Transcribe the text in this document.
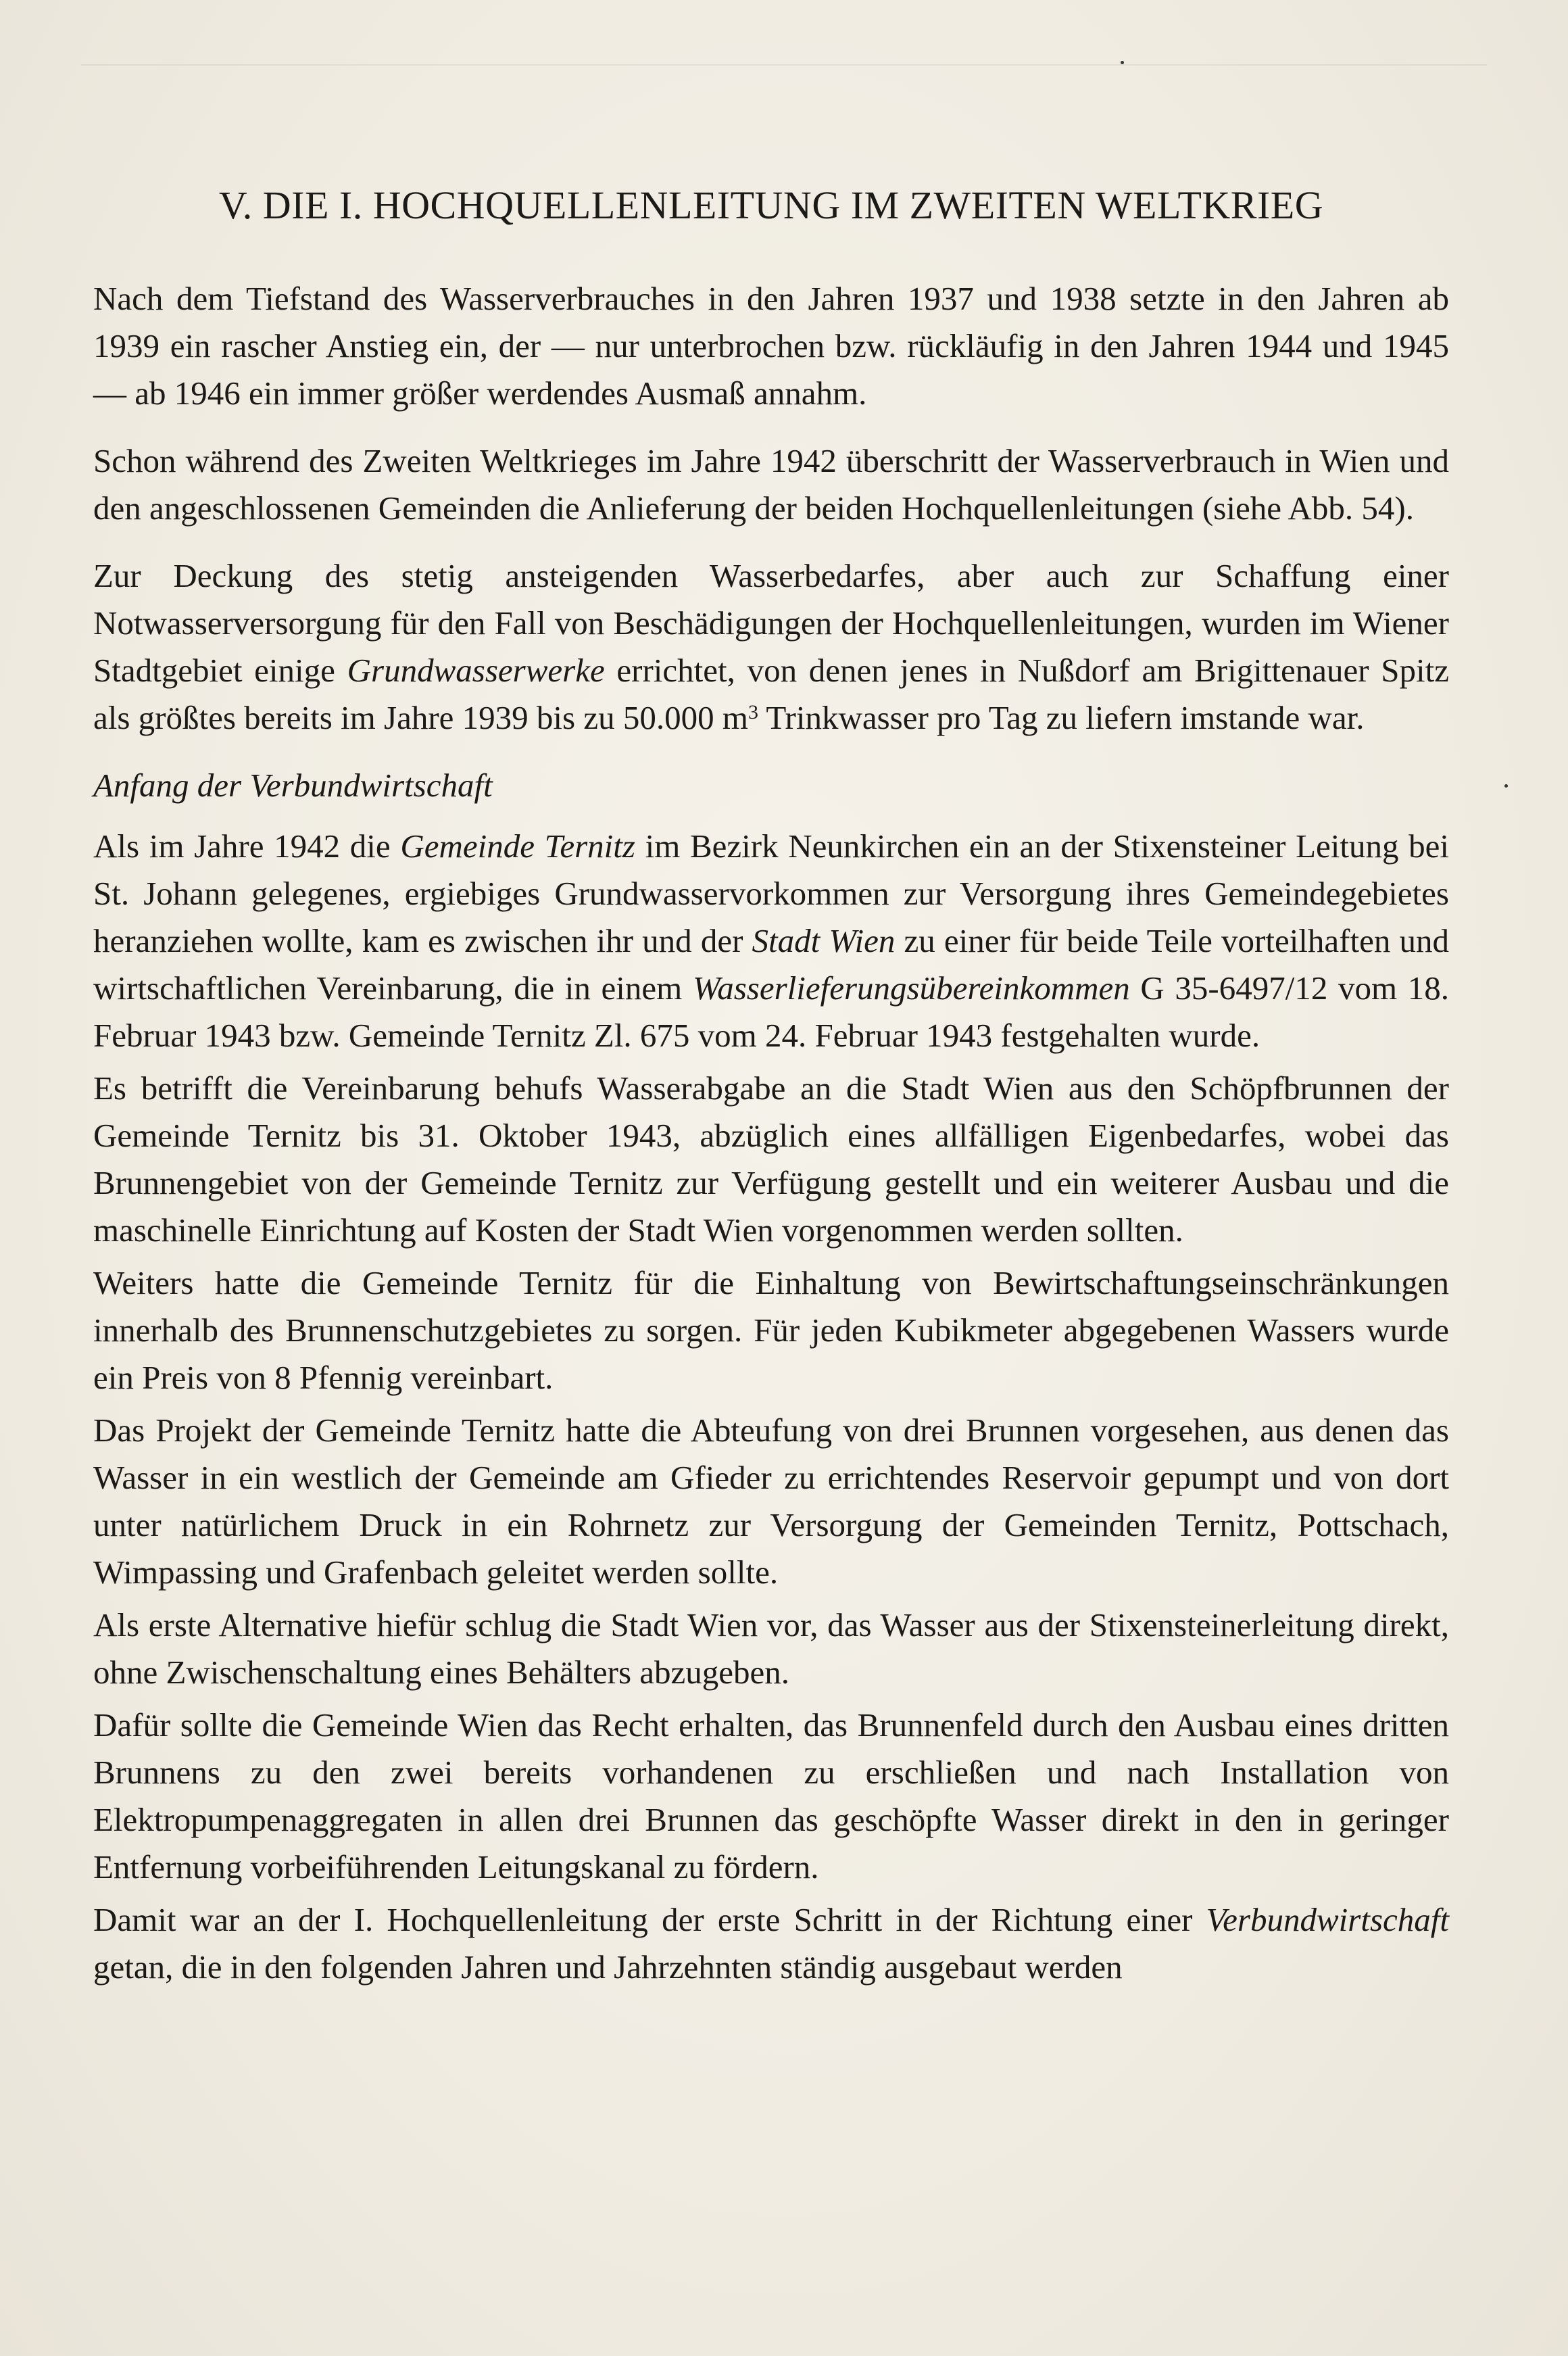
V. DIE I. HOCHQUELLENLEITUNG IM ZWEITEN WELTKRIEG

Nach dem Tiefstand des Wasserverbrauches in den Jahren 1937 und 1938 setzte in den Jahren ab 1939 ein rascher Anstieg ein, der — nur unterbrochen bzw. rückläufig in den Jahren 1944 und 1945 — ab 1946 ein immer größer werdendes Ausmaß annahm.

Schon während des Zweiten Weltkrieges im Jahre 1942 überschritt der Wasserverbrauch in Wien und den angeschlossenen Gemeinden die Anlieferung der beiden Hochquellenleitungen (siehe Abb. 54).

Zur Deckung des stetig ansteigenden Wasserbedarfes, aber auch zur Schaffung einer Notwasserversorgung für den Fall von Beschädigungen der Hochquellenleitungen, wurden im Wiener Stadtgebiet einige Grundwasserwerke errichtet, von denen jenes in Nußdorf am Brigittenauer Spitz als größtes bereits im Jahre 1939 bis zu 50.000 $m^3$ Trinkwasser pro Tag zu liefern imstande war.

Anfang der Verbundwirtschaft

Als im Jahre 1942 die Gemeinde Ternitz im Bezirk Neunkirchen ein an der Stixensteiner Leitung bei St. Johann gelegenes, ergiebiges Grundwasservorkommen zur Versorgung ihres Gemeindegebietes heranziehen wollte, kam es zwischen ihr und der Stadt Wien zu einer für beide Teile vorteilhaften und wirtschaftlichen Vereinbarung, die in einem Wasserlieferungsübereinkommen G 35-6497/12 vom 18. Februar 1943 bzw. Gemeinde Ternitz Zl. 675 vom 24. Februar 1943 festgehalten wurde.

Es betrifft die Vereinbarung behufs Wasserabgabe an die Stadt Wien aus den Schöpfbrunnen der Gemeinde Ternitz bis 31. Oktober 1943, abzüglich eines allfälligen Eigenbedarfes, wobei das Brunnengebiet von der Gemeinde Ternitz zur Verfügung gestellt und ein weiterer Ausbau und die maschinelle Einrichtung auf Kosten der Stadt Wien vorgenommen werden sollten.

Weiters hatte die Gemeinde Ternitz für die Einhaltung von Bewirtschaftungseinschränkungen innerhalb des Brunnenschutzgebietes zu sorgen. Für jeden Kubikmeter abgegebenen Wassers wurde ein Preis von 8 Pfennig vereinbart.

Das Projekt der Gemeinde Ternitz hatte die Abteufung von drei Brunnen vorgesehen, aus denen das Wasser in ein westlich der Gemeinde am Gfieder zu errichtendes Reservoir gepumpt und von dort unter natürlichem Druck in ein Rohrnetz zur Versorgung der Gemeinden Ternitz, Pottschach, Wimpassing und Grafenbach geleitet werden sollte.

Als erste Alternative hiefür schlug die Stadt Wien vor, das Wasser aus der Stixensteinerleitung direkt, ohne Zwischenschaltung eines Behälters abzugeben.

Dafür sollte die Gemeinde Wien das Recht erhalten, das Brunnenfeld durch den Ausbau eines dritten Brunnens zu den zwei bereits vorhandenen zu erschließen und nach Installation von Elektropumpenaggregaten in allen drei Brunnen das geschöpfte Wasser direkt in den in geringer Entfernung vorbeiführenden Leitungskanal zu fördern.

Damit war an der I. Hochquellenleitung der erste Schritt in der Richtung einer Verbundwirtschaft getan, die in den folgenden Jahren und Jahrzehnten ständig ausgebaut werden
